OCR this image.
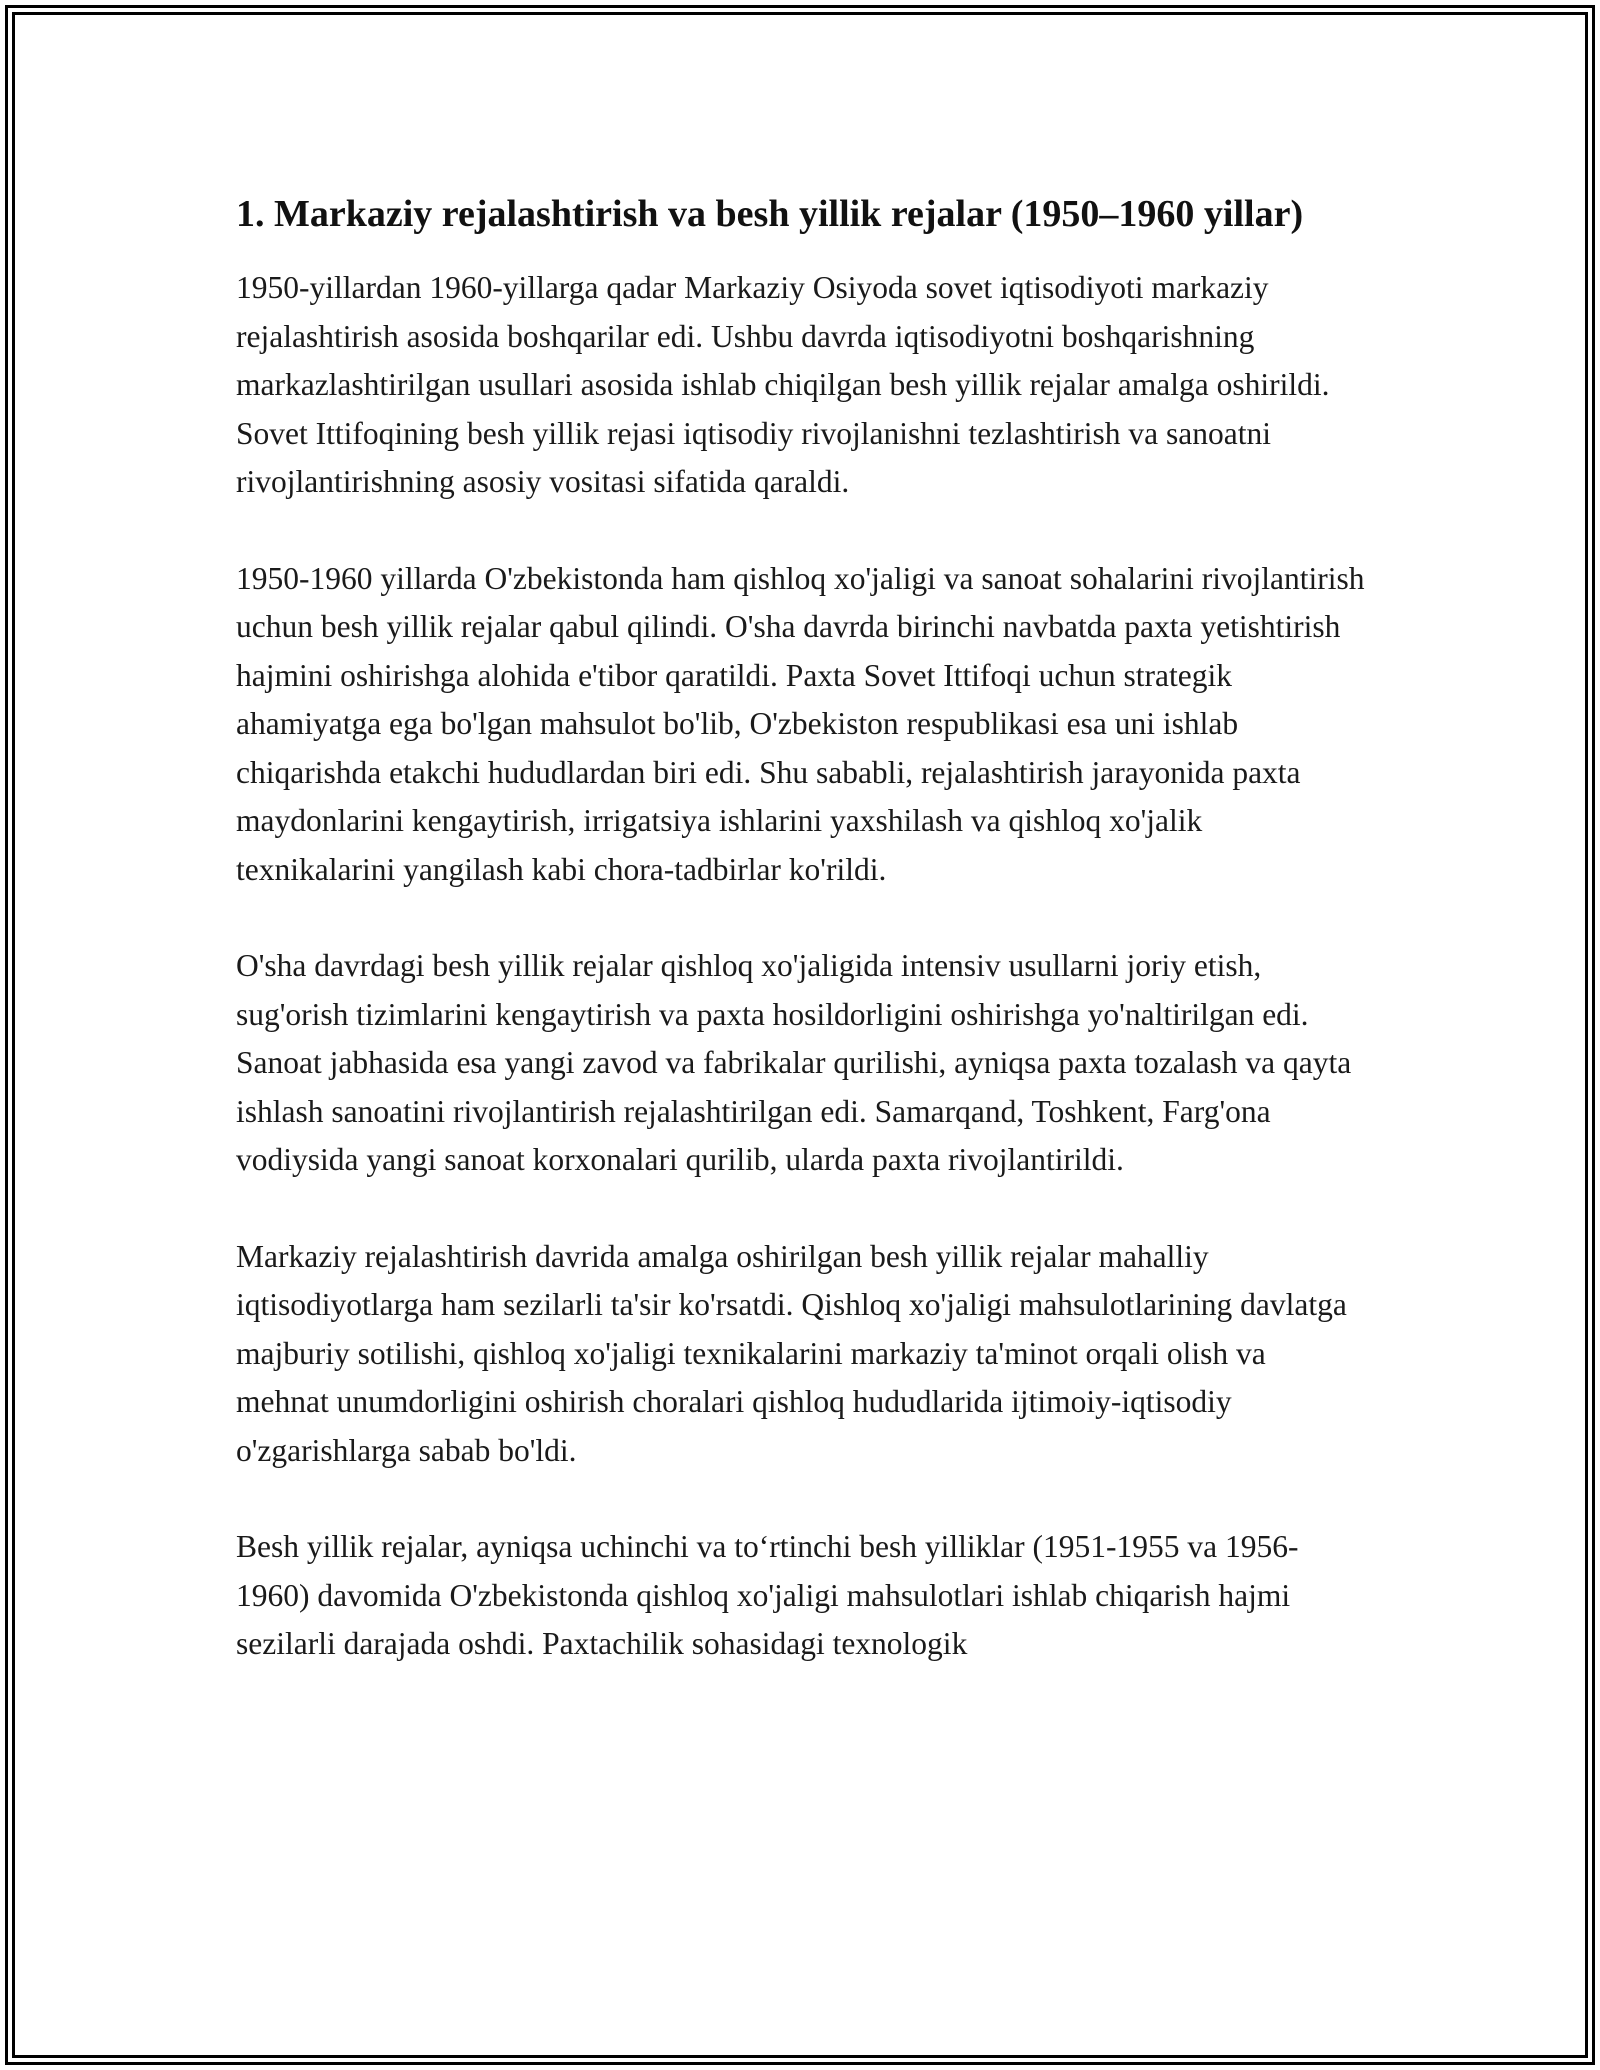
1. Markaziy rejalashtirish va besh yillik rejalar (1950–1960 yillar)

1950-yillardan 1960-yillarga qadar Markaziy Osiyoda sovet iqtisodiyoti markaziy rejalashtirish asosida boshqarilar edi. Ushbu davrda iqtisodiyotni boshqarishning markazlashtirilgan usullari asosida ishlab chiqilgan besh yillik rejalar amalga oshirildi. Sovet Ittifoqining besh yillik rejasi iqtisodiy rivojlanishni tezlashtirish va sanoatni rivojlantirishning asosiy vositasi sifatida qaraldi.

1950-1960 yillarda O'zbekistonda ham qishloq xo'jaligi va sanoat sohalarini rivojlantirish uchun besh yillik rejalar qabul qilindi. O'sha davrda birinchi navbatda paxta yetishtirish hajmini oshirishga alohida e'tibor qaratildi. Paxta Sovet Ittifoqi uchun strategik ahamiyatga ega bo'lgan mahsulot bo'lib, O'zbekiston respublikasi esa uni ishlab chiqarishda etakchi hududlardan biri edi. Shu sababli, rejalashtirish jarayonida paxta maydonlarini kengaytirish, irrigatsiya ishlarini yaxshilash va qishloq xo'jalik texnikalarini yangilash kabi chora-tadbirlar ko'rildi.

O'sha davrdagi besh yillik rejalar qishloq xo'jaligida intensiv usullarni joriy etish, sug'orish tizimlarini kengaytirish va paxta hosildorligini oshirishga yo'naltirilgan edi. Sanoat jabhasida esa yangi zavod va fabrikalar qurilishi, ayniqsa paxta tozalash va qayta ishlash sanoatini rivojlantirish rejalashtirilgan edi. Samarqand, Toshkent, Farg'ona vodiysida yangi sanoat korxonalari qurilib, ularda paxta rivojlantirildi.

Markaziy rejalashtirish davrida amalga oshirilgan besh yillik rejalar mahalliy iqtisodiyotlarga ham sezilarli ta'sir ko'rsatdi. Qishloq xo'jaligi mahsulotlarining davlatga majburiy sotilishi, qishloq xo'jaligi texnikalarini markaziy ta'minot orqali olish va mehnat unumdorligini oshirish choralari qishloq hududlarida ijtimoiy-iqtisodiy o'zgarishlarga sabab bo'ldi.

Besh yillik rejalar, ayniqsa uchinchi va to‘rtinchi besh yilliklar (1951-1955 va 1956-1960) davomida O'zbekistonda qishloq xo'jaligi mahsulotlari ishlab chiqarish hajmi sezilarli darajada oshdi. Paxtachilik sohasidagi texnologik
